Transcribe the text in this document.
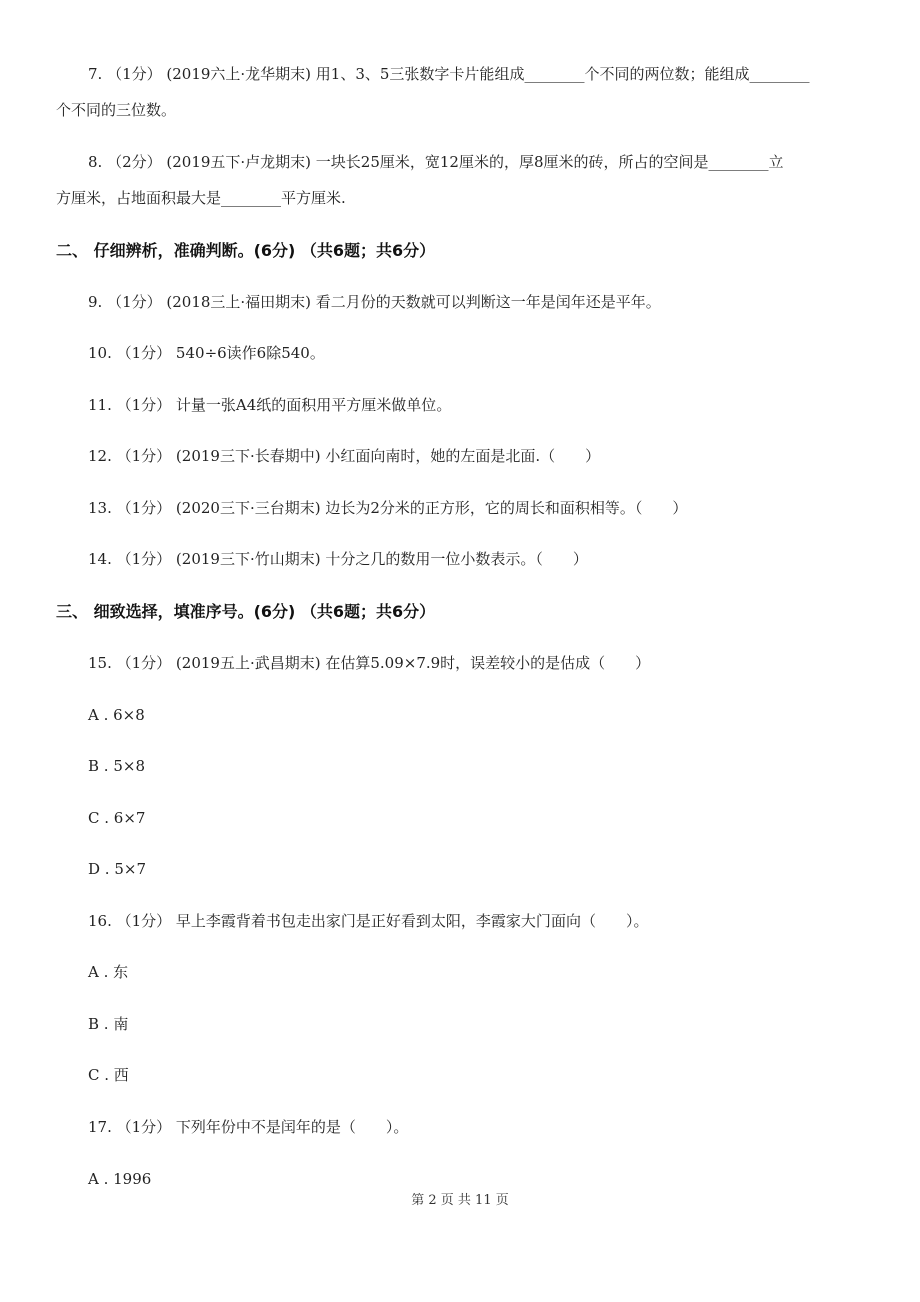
7. （1分） (2019六上·龙华期末) 用1、3、5三张数字卡片能组成________个不同的两位数；能组成________
个不同的三位数。
8. （2分） (2019五下·卢龙期末) 一块长25厘米，宽12厘米的，厚8厘米的砖，所占的空间是________立
方厘米，占地面积最大是________平方厘米.
二、 仔细辨析，准确判断。(6分) （共6题；共6分）
9. （1分） (2018三上·福田期末) 看二月份的天数就可以判断这一年是闰年还是平年。
10. （1分） 540÷6读作6除540。
11. （1分） 计量一张A4纸的面积用平方厘米做单位。
12. （1分） (2019三下·长春期中) 小红面向南时，她的左面是北面.（　　）
13. （1分） (2020三下·三台期末) 边长为2分米的正方形，它的周长和面积相等。（　　）
14. （1分） (2019三下·竹山期末) 十分之几的数用一位小数表示。（　　）
三、 细致选择，填准序号。(6分) （共6题；共6分）
15. （1分） (2019五上·武昌期末) 在估算5.09×7.9时，误差较小的是估成（　　）
A . 6×8
B . 5×8
C . 6×7
D . 5×7
16. （1分） 早上李霞背着书包走出家门是正好看到太阳，李霞家大门面向（　　）。
A . 东
B . 南
C . 西
17. （1分） 下列年份中不是闰年的是（　　）。
A . 1996
第 2 页 共 11 页
